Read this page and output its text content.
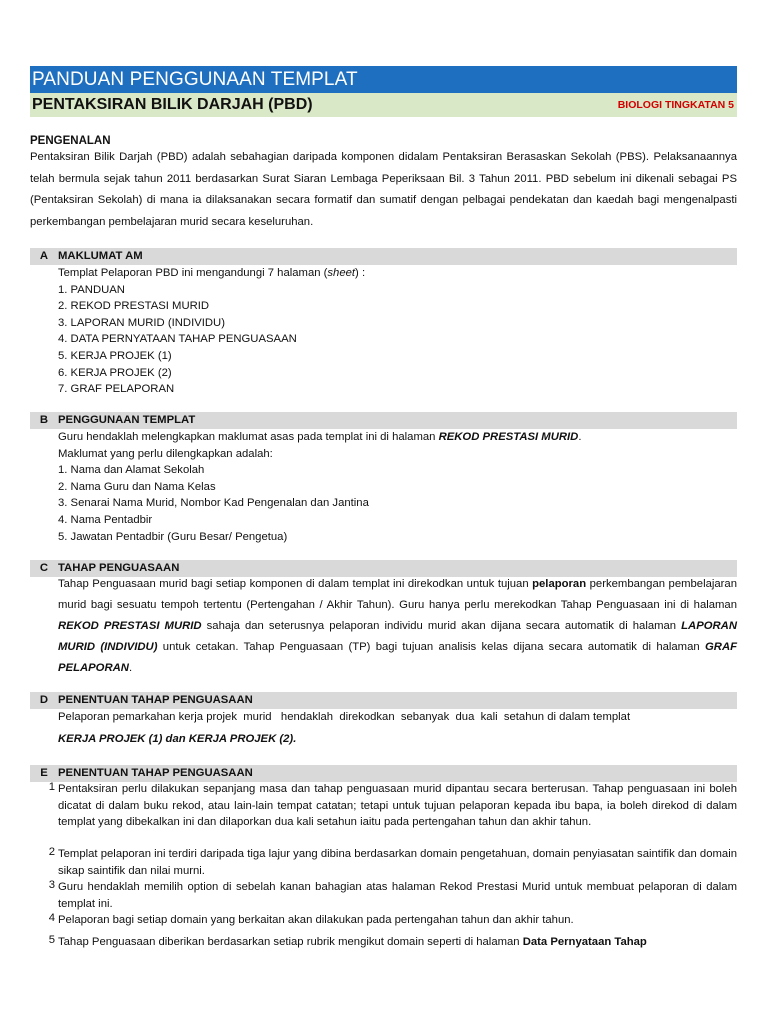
PANDUAN PENGGUNAAN TEMPLAT
PENTAKSIRAN BILIK DARJAH (PBD)	BIOLOGI TINGKATAN 5
PENGENALAN
Pentaksiran Bilik Darjah (PBD) adalah sebahagian daripada komponen didalam Pentaksiran Berasaskan Sekolah (PBS). Pelaksanaannya telah bermula sejak tahun 2011 berdasarkan Surat Siaran Lembaga Peperiksaan Bil. 3 Tahun 2011. PBD sebelum ini dikenali sebagai PS (Pentaksiran Sekolah) di mana ia dilaksanakan secara formatif dan sumatif dengan pelbagai pendekatan dan kaedah bagi mengenalpasti perkembangan pembelajaran murid secara keseluruhan.
A MAKLUMAT AM
Templat Pelaporan PBD ini mengandungi 7 halaman (sheet) :
1. PANDUAN
2. REKOD PRESTASI MURID
3. LAPORAN MURID (INDIVIDU)
4. DATA PERNYATAAN TAHAP PENGUASAAN
5. KERJA PROJEK (1)
6. KERJA PROJEK (2)
7. GRAF PELAPORAN
B PENGGUNAAN TEMPLAT
Guru hendaklah melengkapkan maklumat asas pada templat ini di halaman REKOD PRESTASI MURID.
Maklumat yang perlu dilengkapkan adalah:
1. Nama dan Alamat Sekolah
2. Nama Guru dan Nama Kelas
3. Senarai Nama Murid, Nombor Kad Pengenalan dan Jantina
4. Nama Pentadbir
5. Jawatan Pentadbir (Guru Besar/ Pengetua)
C TAHAP PENGUASAAN
Tahap Penguasaan murid bagi setiap komponen di dalam templat ini direkodkan untuk tujuan pelaporan perkembangan pembelajaran murid bagi sesuatu tempoh tertentu (Pertengahan / Akhir Tahun). Guru hanya perlu merekodkan Tahap Penguasaan ini di halaman REKOD PRESTASI MURID sahaja dan seterusnya pelaporan individu murid akan dijana secara automatik di halaman LAPORAN MURID (INDIVIDU) untuk cetakan. Tahap Penguasaan (TP) bagi tujuan analisis kelas dijana secara automatik di halaman GRAF PELAPORAN.
D PENENTUAN TAHAP PENGUASAAN
Pelaporan pemarkahan kerja projek  murid   hendaklah  direkodkan  sebanyak  dua  kali  setahun di dalam templat
KERJA PROJEK (1) dan KERJA PROJEK (2).
E PENENTUAN TAHAP PENGUASAAN
1 Pentaksiran perlu dilakukan sepanjang masa dan tahap penguasaan murid dipantau secara berterusan. Tahap penguasaan ini boleh dicatat di dalam buku rekod, atau lain-lain tempat catatan; tetapi untuk tujuan pelaporan kepada ibu bapa, ia boleh direkod di dalam templat yang dibekalkan ini dan dilaporkan dua kali setahun iaitu pada pertengahan tahun dan akhir tahun.
2 Templat pelaporan ini terdiri daripada tiga lajur yang dibina berdasarkan domain pengetahuan, domain penyiasatan saintifik dan domain sikap saintifik dan nilai murni.
3 Guru hendaklah memilih option di sebelah kanan bahagian atas halaman Rekod Prestasi Murid untuk membuat pelaporan di dalam templat ini.
4 Pelaporan bagi setiap domain yang berkaitan akan dilakukan pada pertengahan tahun dan akhir tahun.
5 Tahap Penguasaan diberikan berdasarkan setiap rubrik mengikut domain seperti di halaman Data Pernyataan Tahap
